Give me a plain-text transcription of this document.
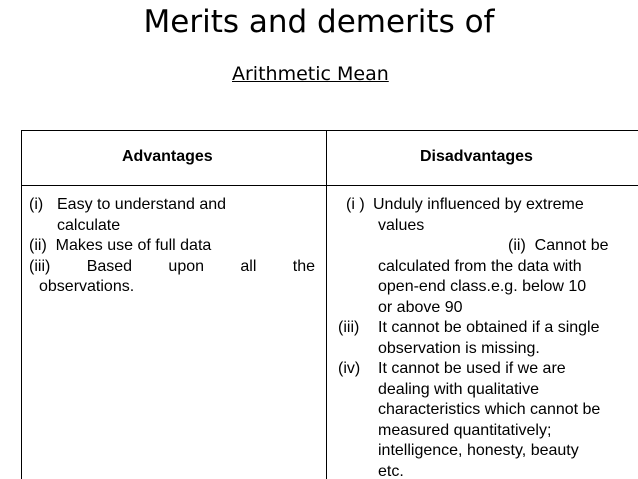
Merits and demerits of
Arithmetic Mean
Advantages	Disadvantages
(i) Easy to understand and
calculate
(ii) Makes use of full data
(iii) Based upon all the
observations.
(i ) Unduly influenced by extreme
values
(ii) Cannot be
calculated from the data with
open-end class.e.g. below 10
or above 90
(iii) It cannot be obtained if a single
observation is missing.
(iv) It cannot be used if we are
dealing with qualitative
characteristics which cannot be
measured quantitatively;
intelligence, honesty, beauty
etc.
